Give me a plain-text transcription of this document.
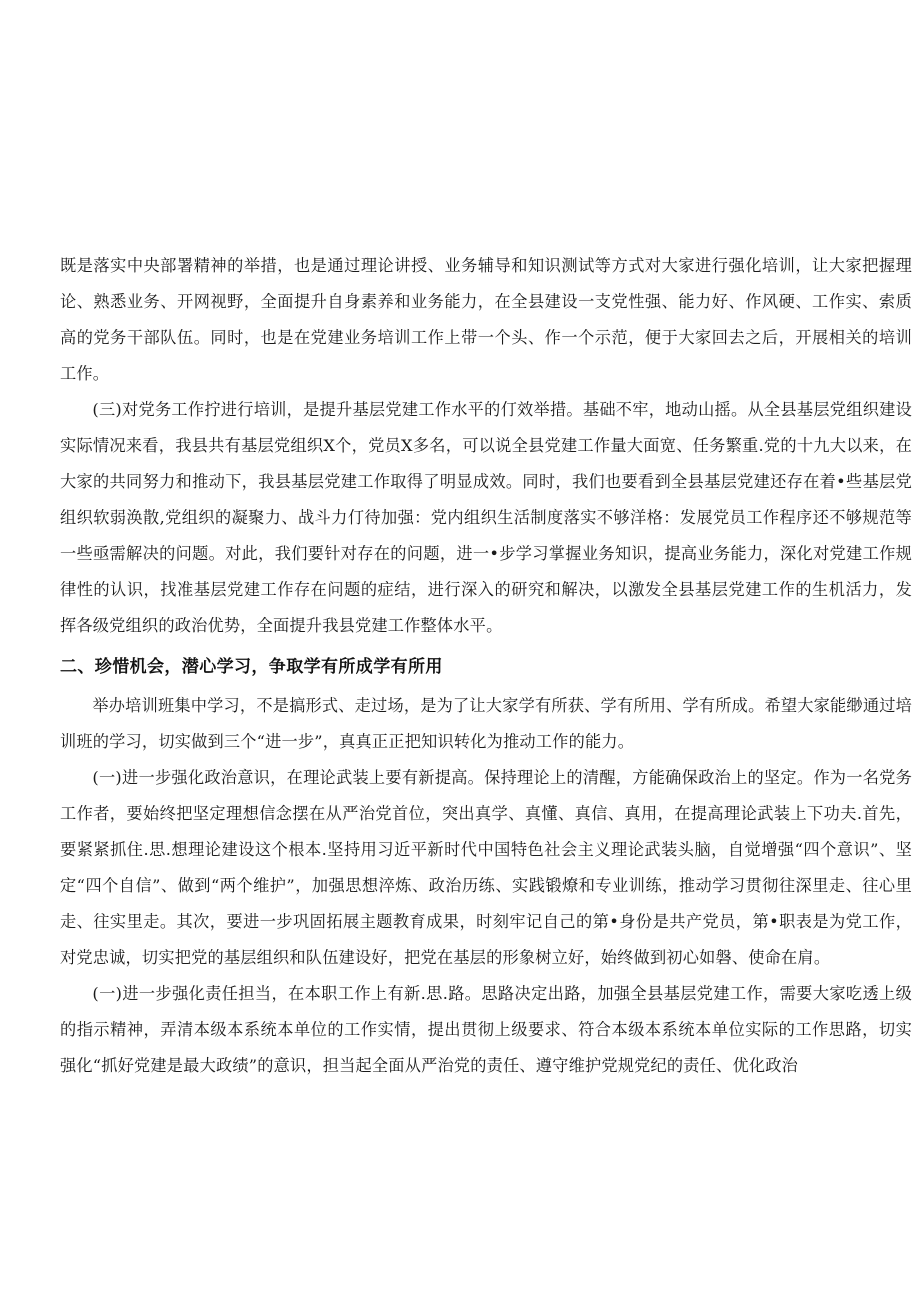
既是落实中央部署精神的举措，也是通过理论讲授、业务辅导和知识测试等方式对大家进行强化培训，让大家把握理论、熟悉业务、开网视野，全面提升自身素养和业务能力，在全县建设一支党性强、能力好、作风硬、工作实、索质高的党务干部队伍。同时，也是在党建业务培训工作上带一个头、作一个示范，便于大家回去之后，开展相关的培训工作。

(三)对党务工作拧进行培训，是提升基层党建工作水平的仃效举措。基础不牢，地动山摇。从全县基层党组织建设实际情况来看，我县共有基层党组织X个，党员X多名，可以说全县党建工作量大面宽、任务繁重.党的十九大以来，在大家的共同努力和推动下，我县基层党建工作取得了明显成效。同时，我们也要看到全县基层党建还存在着•些基层党组织软弱涣散,党组织的凝聚力、战斗力仃待加强：党内组织生活制度落实不够洋格：发展党员工作程序还不够规范等一些亟需解决的问题。对此，我们要针对存在的问题，进一•步学习掌握业务知识，提高业务能力，深化对党建工作规律性的认识，找准基层党建工作存在问题的症结，进行深入的研究和解决，以激发全县基层党建工作的生机活力，发挥各级党组织的政治优势，全面提升我县党建工作整体水平。

二、珍惜机会，潜心学习，争取学有所成学有所用

举办培训班集中学习，不是搞形式、走过场，是为了让大家学有所获、学有所用、学有所成。希望大家能缈通过培训班的学习，切实做到三个“进一步”，真真正正把知识转化为推动工作的能力。

(一)进一步强化政治意识，在理论武装上要有新提高。保持理论上的清醒，方能确保政治上的坚定。作为一名党务工作者，要始终把坚定理想信念摆在从严治党首位，突出真学、真懂、真信、真用，在提高理论武装上下功夫.首先，要紧紧抓住.思.想理论建设这个根本.坚持用习近平新时代中国特色社会主义理论武装头脑，自觉增强“四个意识”、坚定“四个自信”、做到“两个维护”，加强思想淬炼、政治历练、实践锻燎和专业训练，推动学习贯彻往深里走、往心里走、往实里走。其次，要进一步巩固拓展主题教育成果，时刻牢记自己的第•身份是共产党员，第•职表是为党工作，对党忠诚，切实把党的基层组织和队伍建设好，把党在基层的形象树立好，始终做到初心如磐、使命在肩。

(一)进一步强化责任担当，在本职工作上有新.思.路。思路决定出路，加强全县基层党建工作，需要大家吃透上级的指示精神，弄清本级本系统本单位的工作实情，提出贯彻上级要求、符合本级本系统本单位实际的工作思路，切实强化“抓好党建是最大政绩”的意识，担当起全面从严治党的责任、遵守维护党规党纪的责任、优化政治
